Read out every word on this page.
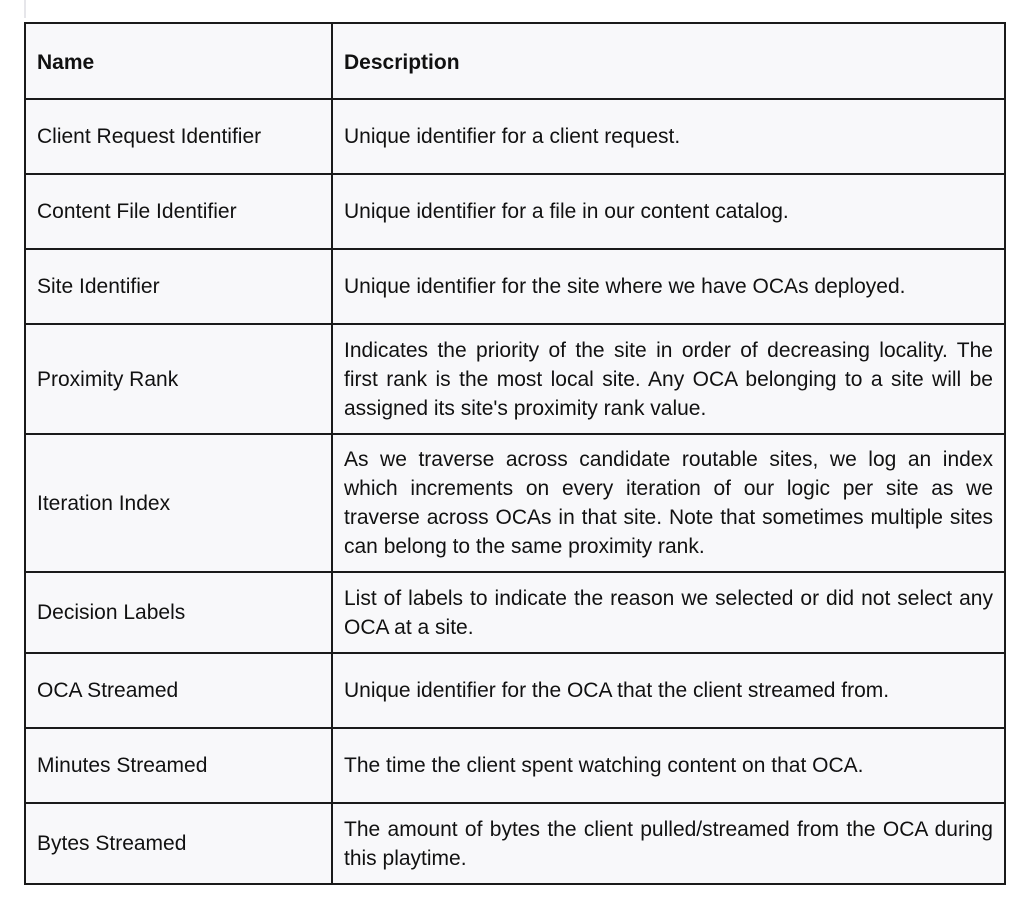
Name	Description
Client Request Identifier	Unique identifier for a client request.
Content File Identifier	Unique identifier for a file in our content catalog.
Site Identifier	Unique identifier for the site where we have OCAs deployed.
Proximity Rank	Indicates the priority of the site in order of decreasing locality. The first rank is the most local site. Any OCA belonging to a site will be assigned its site's proximity rank value.
Iteration Index	As we traverse across candidate routable sites, we log an index which increments on every iteration of our logic per site as we traverse across OCAs in that site. Note that sometimes multiple sites can belong to the same proximity rank.
Decision Labels	List of labels to indicate the reason we selected or did not select any OCA at a site.
OCA Streamed	Unique identifier for the OCA that the client streamed from.
Minutes Streamed	The time the client spent watching content on that OCA.
Bytes Streamed	The amount of bytes the client pulled/streamed from the OCA during this playtime.
